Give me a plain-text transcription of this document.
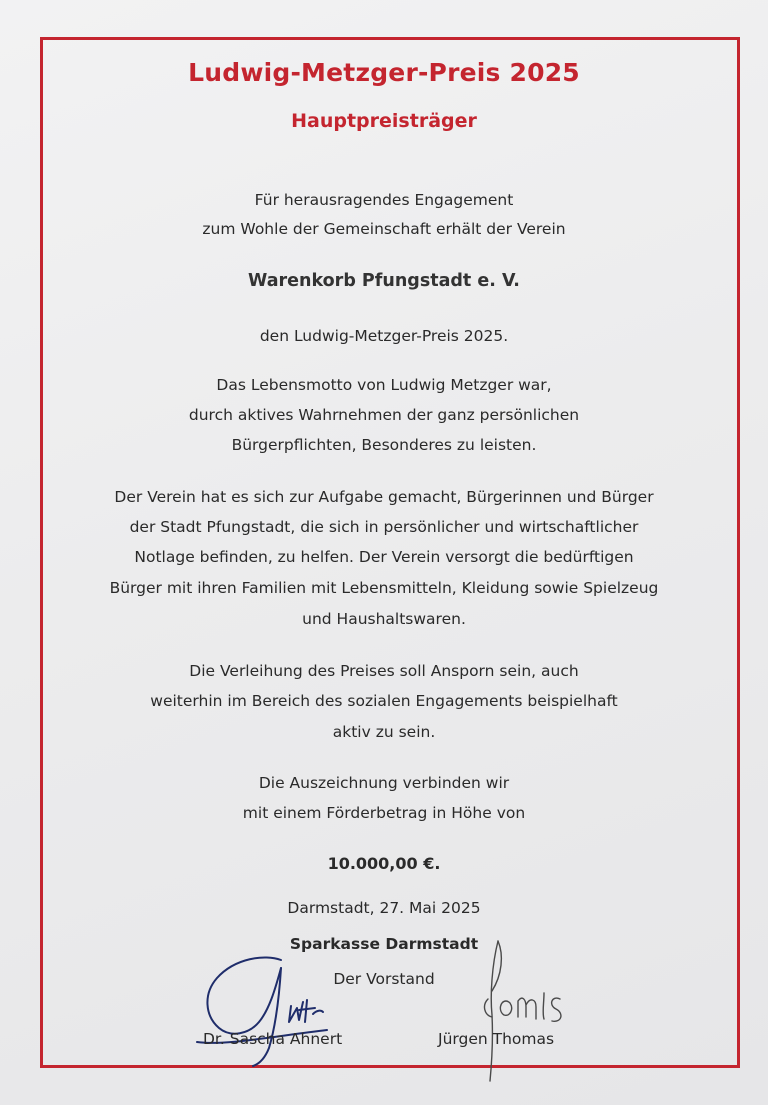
Ludwig-Metzger-Preis 2025
Hauptpreisträger
Für herausragendes Engagement
zum Wohle der Gemeinschaft erhält der Verein
Warenkorb Pfungstadt e. V.
den Ludwig-Metzger-Preis 2025.
Das Lebensmotto von Ludwig Metzger war,
durch aktives Wahrnehmen der ganz persönlichen
Bürgerpflichten, Besonderes zu leisten.
Der Verein hat es sich zur Aufgabe gemacht, Bürgerinnen und Bürger
der Stadt Pfungstadt, die sich in persönlicher und wirtschaftlicher
Notlage befinden, zu helfen. Der Verein versorgt die bedürftigen
Bürger mit ihren Familien mit Lebensmitteln, Kleidung sowie Spielzeug
und Haushaltswaren.
Die Verleihung des Preises soll Ansporn sein, auch
weiterhin im Bereich des sozialen Engagements beispielhaft
aktiv zu sein.
Die Auszeichnung verbinden wir
mit einem Förderbetrag in Höhe von
10.000,00 €.
Darmstadt, 27. Mai 2025
Sparkasse Darmstadt
Der Vorstand
Dr. Sascha Ahnert	Jürgen Thomas
